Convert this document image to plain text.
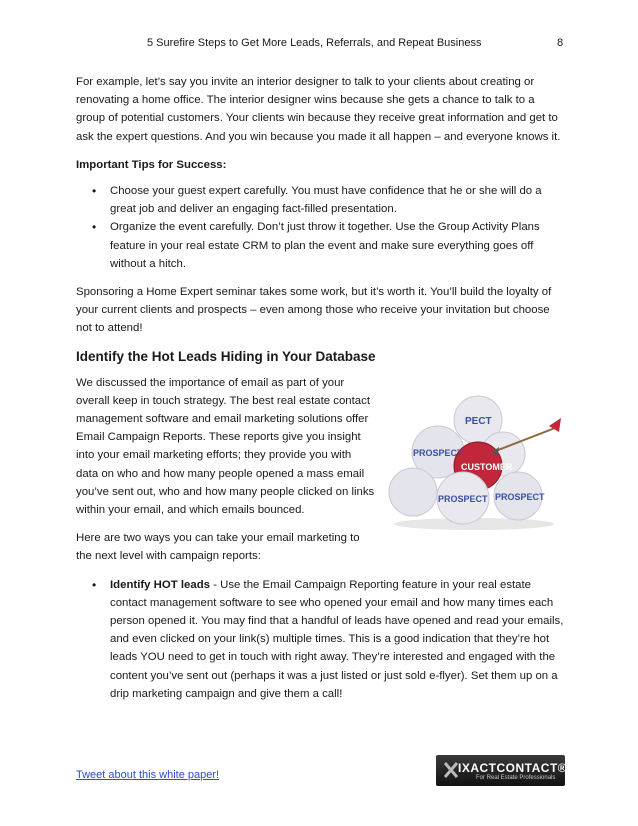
5 Surefire Steps to Get More Leads, Referrals, and Repeat Business	8

For example, let’s say you invite an interior designer to talk to your clients about creating or renovating a home office. The interior designer wins because she gets a chance to talk to a group of potential customers. Your clients win because they receive great information and get to ask the expert questions. And you win because you made it all happen – and everyone knows it.

Important Tips for Success:
• Choose your guest expert carefully. You must have confidence that he or she will do a great job and deliver an engaging fact-filled presentation.
• Organize the event carefully. Don’t just throw it together. Use the Group Activity Plans feature in your real estate CRM to plan the event and make sure everything goes off without a hitch.

Sponsoring a Home Expert seminar takes some work, but it’s worth it. You’ll build the loyalty of your current clients and prospects – even among those who receive your invitation but choose not to attend!

Identify the Hot Leads Hiding in Your Database

We discussed the importance of email as part of your overall keep in touch strategy. The best real estate contact management software and email marketing solutions offer Email Campaign Reports. These reports give you insight into your email marketing efforts; they provide you with data on who and how many people opened a mass email you’ve sent out, who and how many people clicked on links within your email, and which emails bounced.

Here are two ways you can take your email marketing to the next level with campaign reports:

• Identify HOT leads - Use the Email Campaign Reporting feature in your real estate contact management software to see who opened your email and how many times each person opened it. You may find that a handful of leads have opened and read your emails, and even clicked on your link(s) multiple times. This is a good indication that they’re hot leads YOU need to get in touch with right away. They’re interested and engaged with the content you’ve sent out (perhaps it was a just listed or just sold e-flyer). Set them up on a drip marketing campaign and give them a call!
PECT
CUSTOMER
PROSPECT PROSPECT
PROSPECT
Tweet about this white paper!	IXACTCONTACT®
For Real Estate Professionals
